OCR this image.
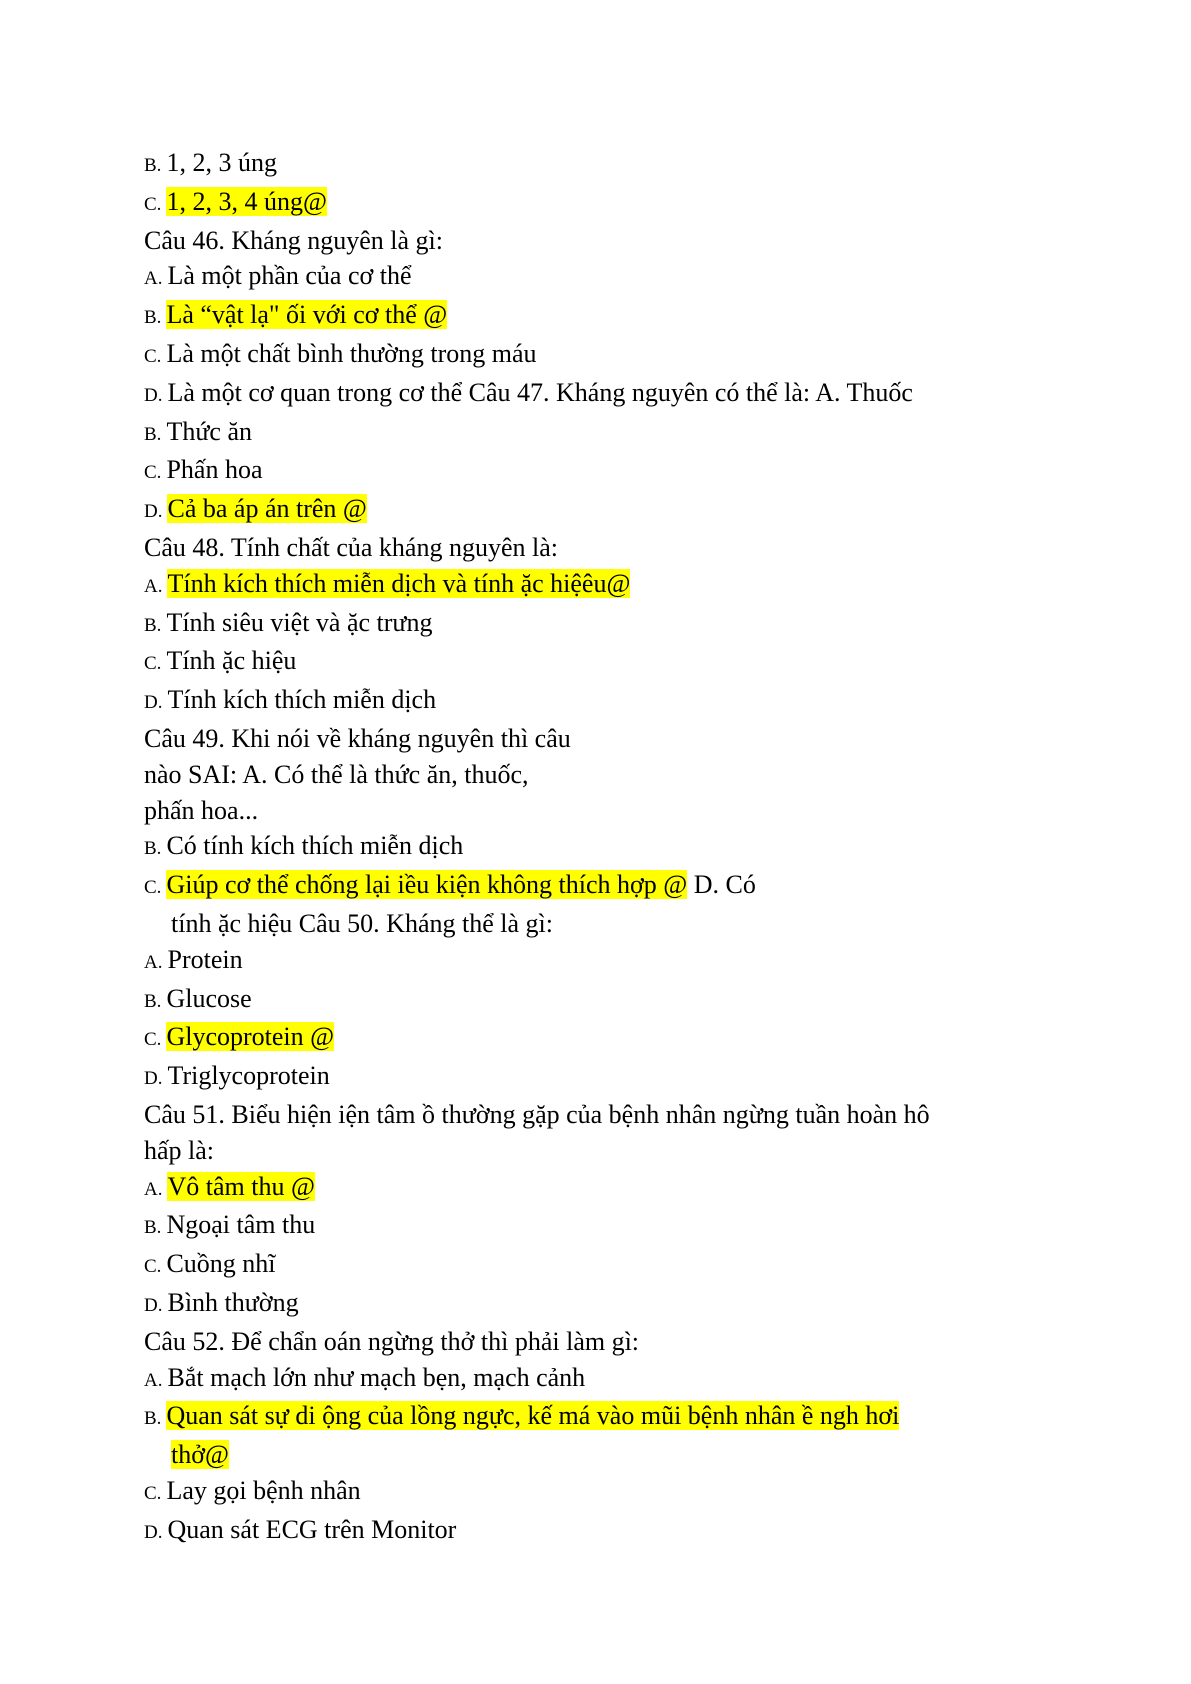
B. 1, 2, 3 úng
C. 1, 2, 3, 4 úng@
Câu 46. Kháng nguyên là gì:
A. Là một phần của cơ thể
B. Là “vật lạ" ối với cơ thể @
C. Là một chất bình thường trong máu
D. Là một cơ quan trong cơ thể Câu 47. Kháng nguyên có thể là: A. Thuốc
B. Thức ăn
C. Phấn hoa
D. Cả ba áp án trên @
Câu 48. Tính chất của kháng nguyên là:
A. Tính kích thích miễn dịch và tính ặc hiệêu@
B. Tính siêu việt và ặc trưng
C. Tính ặc hiệu
D. Tính kích thích miễn dịch
Câu 49. Khi nói về kháng nguyên thì câu
nào SAI: A. Có thể là thức ăn, thuốc,
phấn hoa...
B. Có tính kích thích miễn dịch
C. Giúp cơ thể chống lại iều kiện không thích hợp @ D. Có
tính ặc hiệu Câu 50. Kháng thể là gì:
A. Protein
B. Glucose
C. Glycoprotein @
D. Triglycoprotein
Câu 51. Biểu hiện iện tâm ồ thường gặp của bệnh nhân ngừng tuần hoàn hô
hấp là:
A. Vô tâm thu @
B. Ngoại tâm thu
C. Cuồng nhĩ
D. Bình thường
Câu 52. Để chẩn oán ngừng thở thì phải làm gì:
A. Bắt mạch lớn như mạch bẹn, mạch cảnh
B. Quan sát sự di ộng của lồng ngực, kế má vào mũi bệnh nhân ề ngh hơi
thở@
C. Lay gọi bệnh nhân
D. Quan sát ECG trên Monitor
